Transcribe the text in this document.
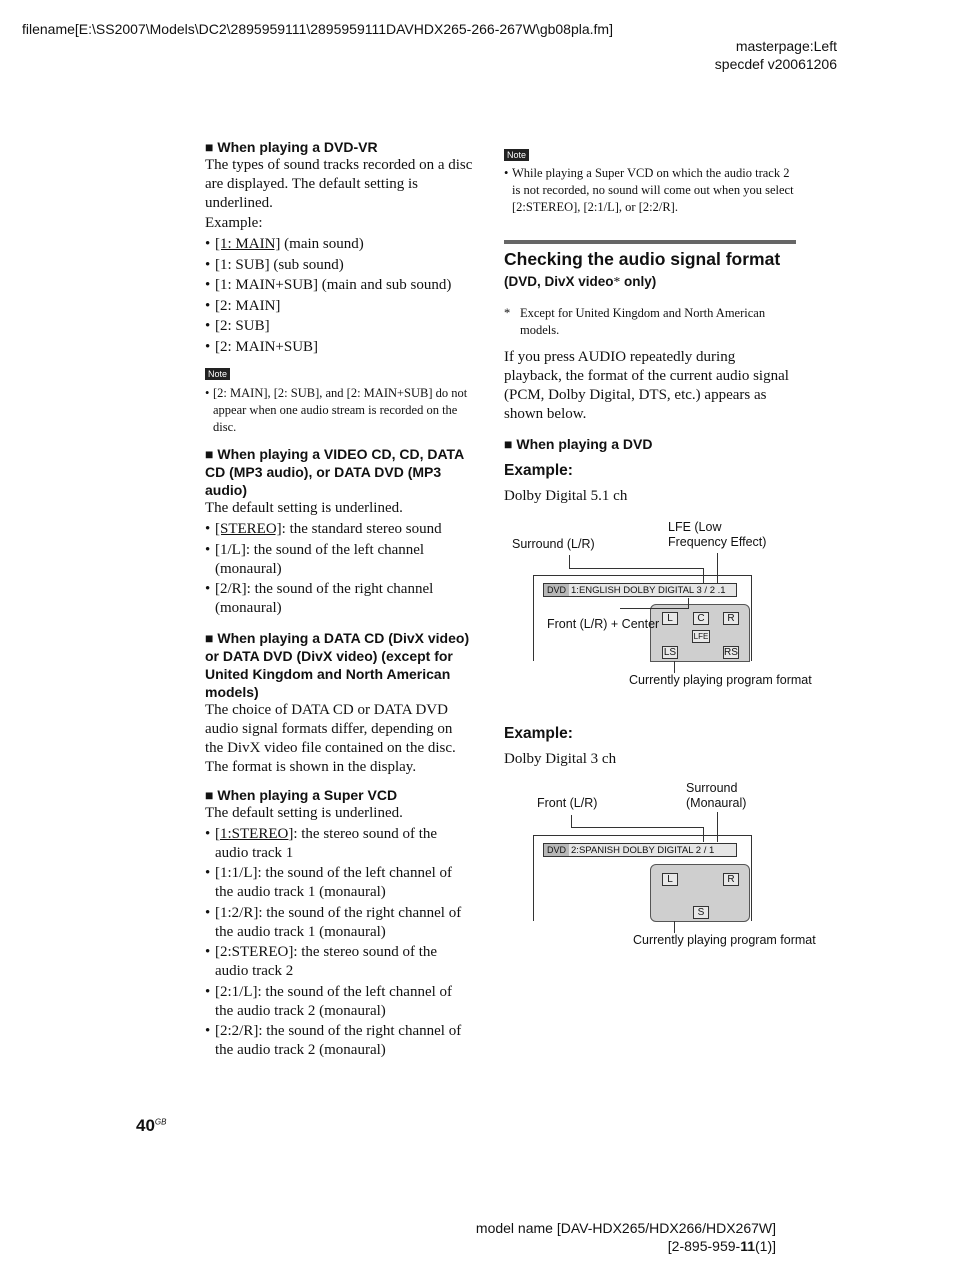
filename[E:\SS2007\Models\DC2\2895959111\2895959111DAVHDX265-266-267W\gb08pla.fm]
masterpage:Left
specdef v20061206

■ When playing a DVD-VR

The types of sound tracks recorded on a disc are displayed. The default setting is underlined.

Example:

• [1: MAIN] (main sound)
• [1: SUB] (sub sound)
• [1: MAIN+SUB] (main and sub sound)
• [2: MAIN]
• [2: SUB]
• [2: MAIN+SUB]
Note
• [2: MAIN], [2: SUB], and [2: MAIN+SUB] do not appear when one audio stream is recorded on the disc.

■ When playing a VIDEO CD, CD, DATA CD (MP3 audio), or DATA DVD (MP3 audio)

The default setting is underlined.

• [STEREO]: the standard stereo sound
• [1/L]: the sound of the left channel (monaural)
• [2/R]: the sound of the right channel (monaural)

■ When playing a DATA CD (DivX video) or DATA DVD (DivX video) (except for United Kingdom and North American models)

The choice of DATA CD or DATA DVD audio signal formats differ, depending on the DivX video file contained on the disc. The format is shown in the display.

■ When playing a Super VCD

The default setting is underlined.

• [1:STEREO]: the stereo sound of the audio track 1
• [1:1/L]: the sound of the left channel of the audio track 1 (monaural)
• [1:2/R]: the sound of the right channel of the audio track 1 (monaural)
• [2:STEREO]: the stereo sound of the audio track 2
• [2:1/L]: the sound of the left channel of the audio track 2 (monaural)
• [2:2/R]: the sound of the right channel of the audio track 2 (monaural)
Note
• While playing a Super VCD on which the audio track 2 is not recorded, no sound will come out when you select [2:STEREO], [2:1/L], or [2:2/R].
Checking the audio signal format

(DVD, DivX video* only)

* Except for United Kingdom and North American models.

If you press AUDIO repeatedly during playback, the format of the current audio signal (PCM, Dolby Digital, DTS, etc.) appears as shown below.

■ When playing a DVD

Example:

Dolby Digital 5.1 ch

Surround (L/R)
LFE (Low Frequency Effect)
DVD 1:ENGLISH DOLBY DIGITAL 3 / 2 .1
L	C	R
LFE
LS	RS
Front (L/R) + Center
Currently playing program format

Example:

Dolby Digital 3 ch

Front (L/R)
Surround (Monaural)
DVD 2:SPANISH DOLBY DIGITAL 2 / 1
L	R
S
Currently playing program format
$40^{GB}$
model name [DAV-HDX265/HDX266/HDX267W]
[2-895-959-11(1)]
